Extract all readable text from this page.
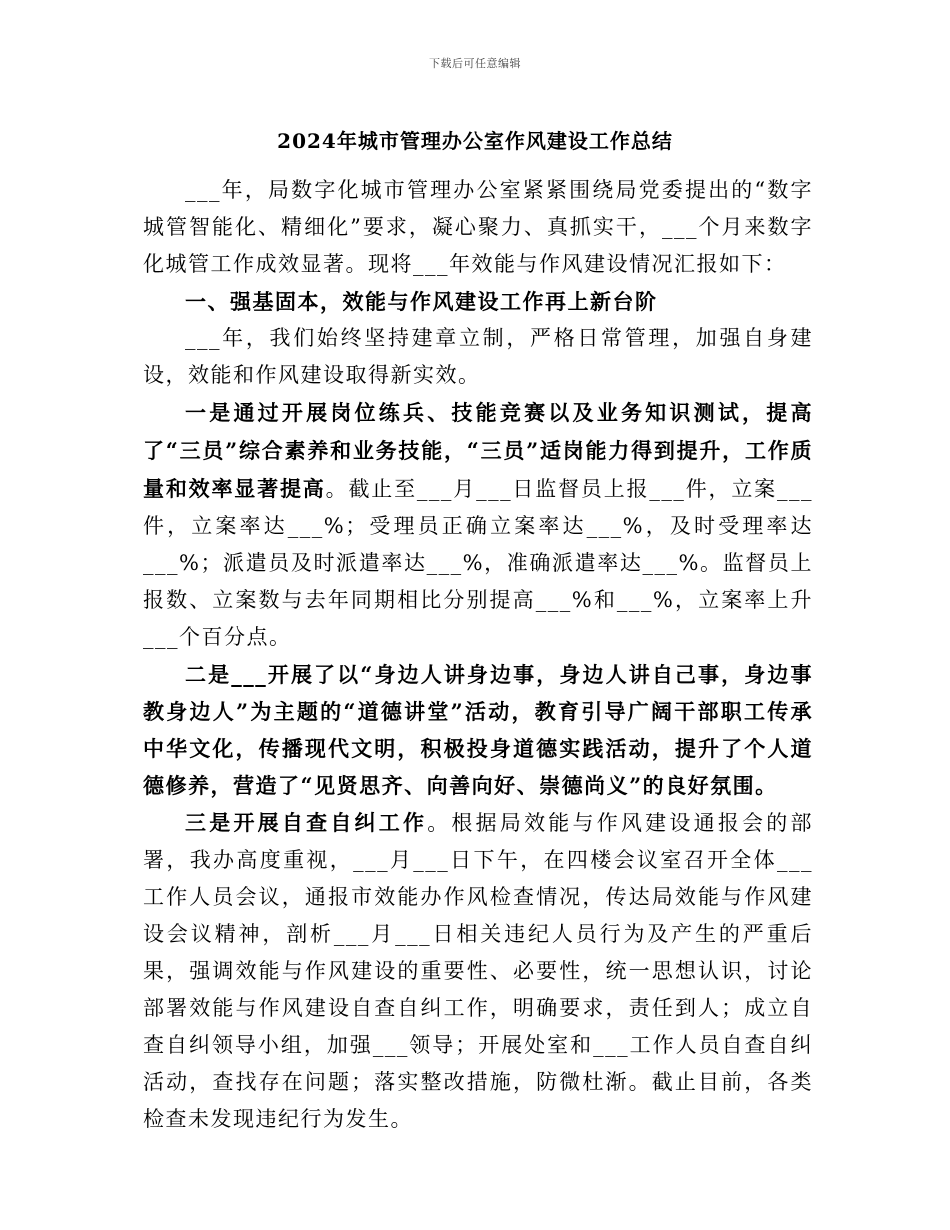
下载后可任意编辑
2024年城市管理办公室作风建设工作总结

___年，局数字化城市管理办公室紧紧围绕局党委提出的“数字城管智能化、精细化”要求，凝心聚力、真抓实干，___个月来数字化城管工作成效显著。现将___年效能与作风建设情况汇报如下：

一、强基固本，效能与作风建设工作再上新台阶

___年，我们始终坚持建章立制，严格日常管理，加强自身建设，效能和作风建设取得新实效。

一是通过开展岗位练兵、技能竞赛以及业务知识测试，提高了“三员”综合素养和业务技能，“三员”适岗能力得到提升，工作质量和效率显著提高。截止至___月___日监督员上报___件，立案___件，立案率达___%；受理员正确立案率达___%，及时受理率达___%；派遣员及时派遣率达___%，准确派遣率达___%。监督员上报数、立案数与去年同期相比分别提高___%和___%，立案率上升___个百分点。

二是___开展了以“身边人讲身边事，身边人讲自己事，身边事教身边人”为主题的“道德讲堂”活动，教育引导广阔干部职工传承中华文化，传播现代文明，积极投身道德实践活动，提升了个人道德修养，营造了“见贤思齐、向善向好、崇德尚义”的良好氛围。

三是开展自查自纠工作。根据局效能与作风建设通报会的部署，我办高度重视，___月___日下午，在四楼会议室召开全体___工作人员会议，通报市效能办作风检查情况，传达局效能与作风建设会议精神，剖析___月___日相关违纪人员行为及产生的严重后果，强调效能与作风建设的重要性、必要性，统一思想认识，讨论部署效能与作风建设自查自纠工作，明确要求，责任到人；成立自查自纠领导小组，加强___领导；开展处室和___工作人员自查自纠活动，查找存在问题；落实整改措施，防微杜渐。截止目前，各类检查未发现违纪行为发生。
